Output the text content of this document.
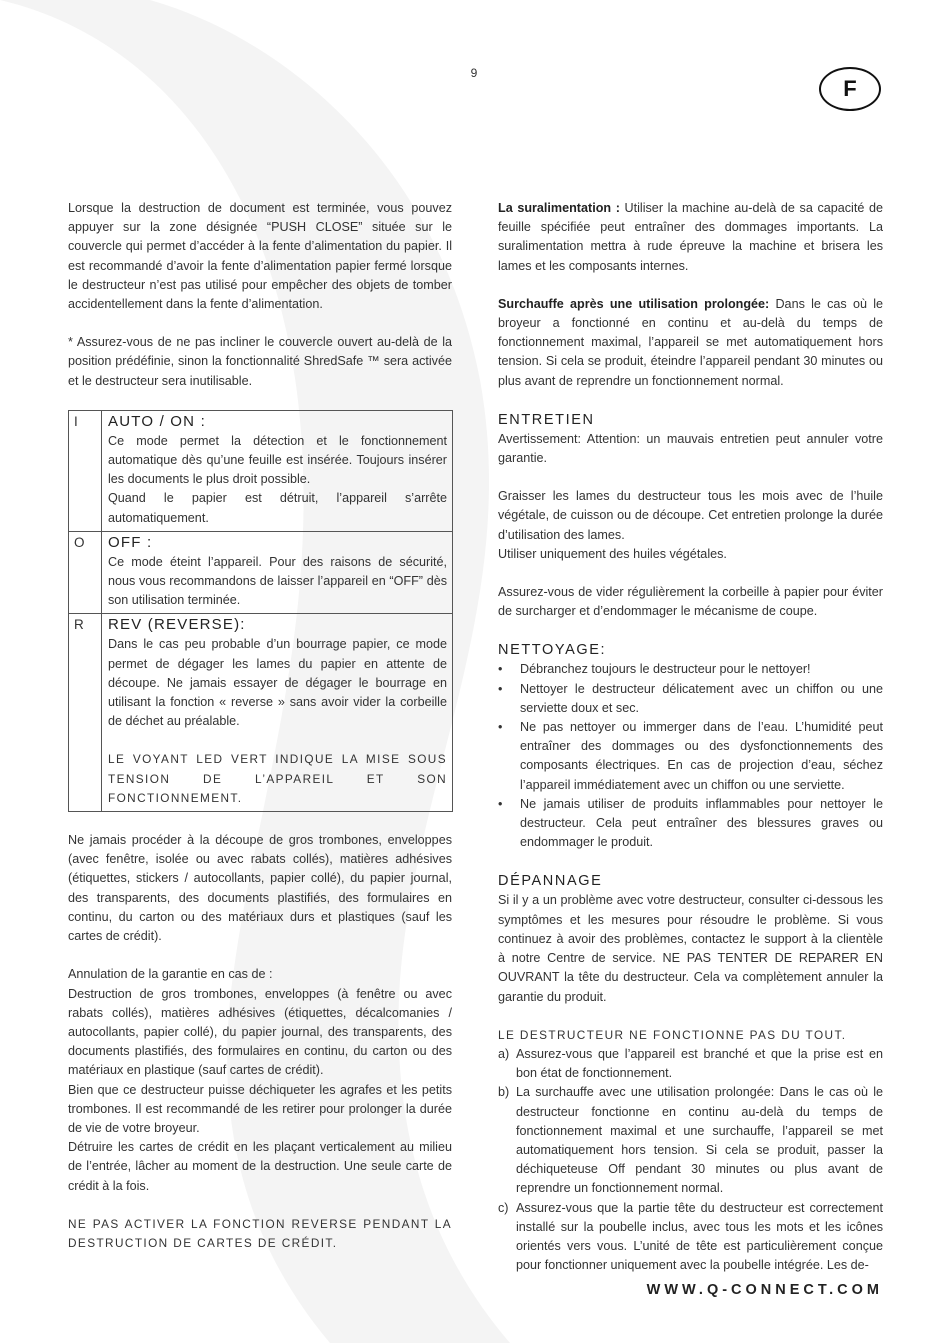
9
F

Lorsque la destruction de document est terminée, vous pouvez appuyer sur la zone désignée “PUSH CLOSE” située sur le couvercle qui permet d’accéder à la fente d’alimentation du papier. Il est recommandé d’avoir la fente d’alimentation papier fermé lorsque le destructeur n’est pas utilisé pour empêcher des objets de tomber accidentellement dans la fente d’alimentation.

* Assurez-vous de ne pas incliner le couvercle ouvert au-delà de la position prédéfinie, sinon la fonctionnalité ShredSafe ™ sera activée et le destructeur sera inutilisable.

I	AUTO / ON :

Ce mode permet la détection et le fonctionnement automatique dès qu’une feuille est insérée. Toujours insérer les documents le plus droit possible.

Quand le papier est détruit, l’appareil s’arrête automatiquement.

O	OFF :

Ce mode éteint l’appareil. Pour des raisons de sécurité, nous vous recommandons de laisser l’appareil en “OFF” dès son utilisation terminée.

R	REV (REVERSE):

Dans le cas peu probable d’un bourrage papier, ce mode permet de dégager les lames du papier en attente de découpe. Ne jamais essayer de dégager le bourrage en utilisant la fonction « reverse » sans avoir vider la corbeille de déchet au préalable.

LE VOYANT LED VERT INDIQUE LA MISE SOUS TENSION DE L’APPAREIL ET SON FONCTIONNEMENT.

Ne jamais procéder à la découpe de gros trombones, enveloppes (avec fenêtre, isolée ou avec rabats collés), matières adhésives (étiquettes, stickers / autocollants, papier collé), du papier journal, des transparents, des documents plastifiés, des formulaires en continu, du carton ou des matériaux durs et plastiques (sauf les cartes de crédit).

Annulation de la garantie en cas de :

Destruction de gros trombones, enveloppes (à fenêtre ou avec rabats collés), matières adhésives (étiquettes, décalcomanies / autocollants, papier collé), du papier journal, des transparents, des documents plastifiés, des formulaires en continu, du carton ou des matériaux en plastique (sauf cartes de crédit).

Bien que ce destructeur puisse déchiqueter les agrafes et les petits trombones. Il est recommandé de les retirer pour prolonger la durée de vie de votre broyeur.

Détruire les cartes de crédit en les plaçant verticalement au milieu de l’entrée, lâcher au moment de la destruction. Une seule carte de crédit à la fois.

NE PAS ACTIVER LA FONCTION REVERSE PENDANT LA DESTRUCTION DE CARTES DE CRÉDIT.

La suralimentation : Utiliser la machine au-delà de sa capacité de feuille spécifiée peut entraîner des dommages importants. La suralimentation mettra à rude épreuve la machine et brisera les lames et les composants internes.

Surchauffe après une utilisation prolongée: Dans le cas où le broyeur a fonctionné en continu et au-delà du temps de fonctionnement maximal, l’appareil se met automatiquement hors tension. Si cela se produit, éteindre l’appareil pendant 30 minutes ou plus avant de reprendre un fonctionnement normal.

ENTRETIEN

Avertissement: Attention: un mauvais entretien peut annuler votre garantie.

Graisser les lames du destructeur tous les mois avec de l’huile végétale, de cuisson ou de découpe. Cet entretien prolonge la durée d’utilisation des lames.

Utiliser uniquement des huiles végétales.

Assurez-vous de vider régulièrement la corbeille à papier pour éviter de surcharger et d’endommager le mécanisme de coupe.

NETTOYAGE:
• Débranchez toujours le destructeur pour le nettoyer!
• Nettoyer le destructeur délicatement avec un chiffon ou une serviette doux et sec.
• Ne pas nettoyer ou immerger dans de l’eau. L’humidité peut entraîner des dommages ou des dysfonctionnements des composants électriques. En cas de projection d’eau, séchez l’appareil immédiatement avec un chiffon ou une serviette.
• Ne jamais utiliser de produits inflammables pour nettoyer le destructeur. Cela peut entraîner des blessures graves ou endommager le produit.
DÉPANNAGE

Si il y a un problème avec votre destructeur, consulter ci-dessous les symptômes et les mesures pour résoudre le problème. Si vous continuez à avoir des problèmes, contactez le support à la clientèle à notre Centre de service. NE PAS TENTER DE REPARER EN OUVRANT la tête du destructeur. Cela va complètement annuler la garantie du produit.

LE DESTRUCTEUR NE FONCTIONNE PAS DU TOUT.

a) Assurez-vous que l’appareil est branché et que la prise est en bon état de fonctionnement.
b) La surchauffe avec une utilisation prolongée: Dans le cas où le destructeur fonctionne en continu au-delà du temps de fonctionnement maximal et une surchauffe, l’appareil se met automatiquement hors tension. Si cela se produit, passer la déchiqueteuse Off pendant 30 minutes ou plus avant de reprendre un fonctionnement normal.
c) Assurez-vous que la partie tête du destructeur est correctement installé sur la poubelle inclus, avec tous les mots et les icônes orientés vers vous. L’unité de tête est particulièrement conçue pour fonctionner uniquement avec la poubelle intégrée. Les de-
WWW.Q-CONNECT.COM
